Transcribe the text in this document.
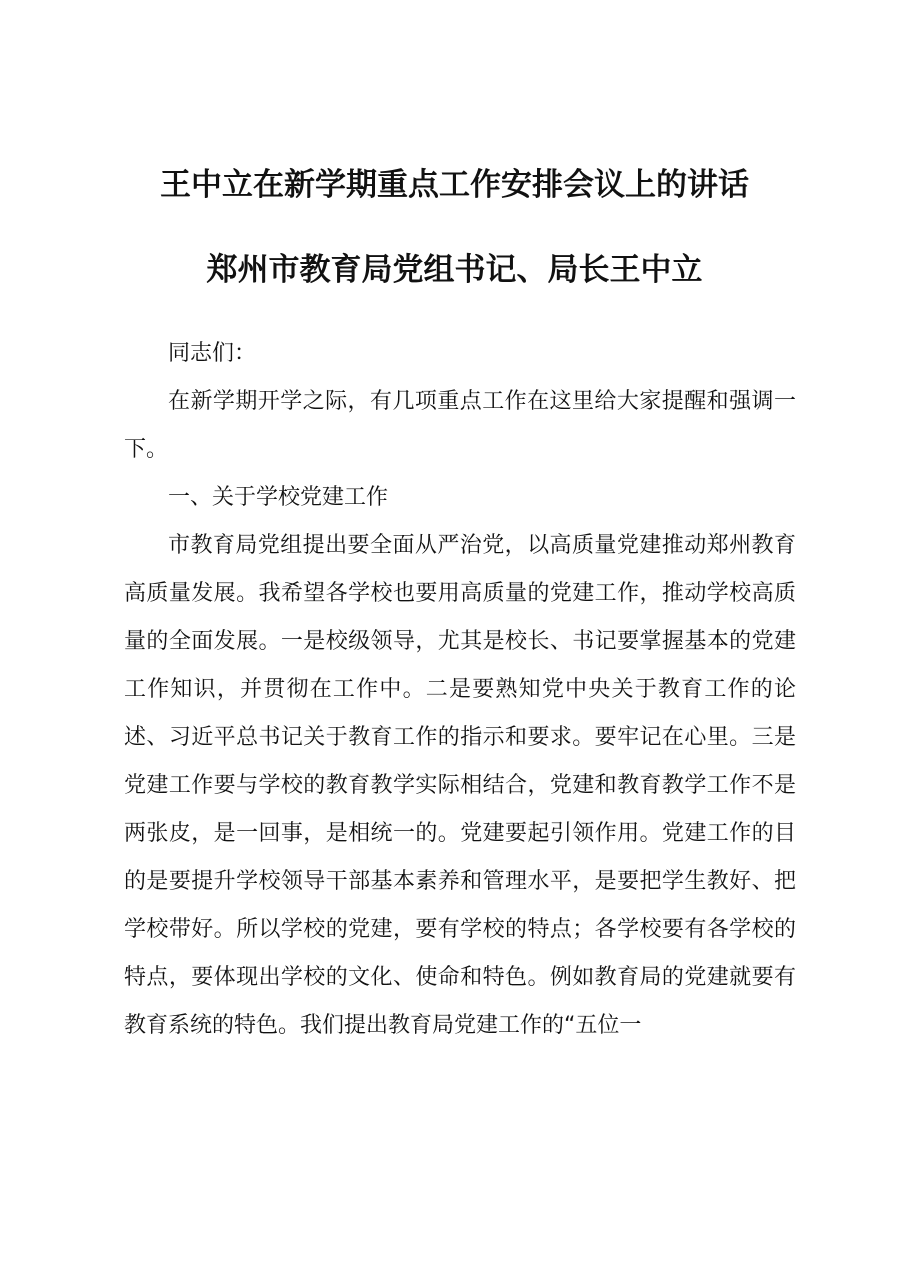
王中立在新学期重点工作安排会议上的讲话
郑州市教育局党组书记、局长王中立

同志们：

在新学期开学之际，有几项重点工作在这里给大家提醒和强调一下。

一、关于学校党建工作

市教育局党组提出要全面从严治党，以高质量党建推动郑州教育高质量发展。我希望各学校也要用高质量的党建工作，推动学校高质量的全面发展。一是校级领导，尤其是校长、书记要掌握基本的党建工作知识，并贯彻在工作中。二是要熟知党中央关于教育工作的论述、习近平总书记关于教育工作的指示和要求。要牢记在心里。三是党建工作要与学校的教育教学实际相结合，党建和教育教学工作不是两张皮，是一回事，是相统一的。党建要起引领作用。党建工作的目的是要提升学校领导干部基本素养和管理水平，是要把学生教好、把学校带好。所以学校的党建，要有学校的特点；各学校要有各学校的特点，要体现出学校的文化、使命和特色。例如教育局的党建就要有教育系统的特色。我们提出教育局党建工作的“五位一
